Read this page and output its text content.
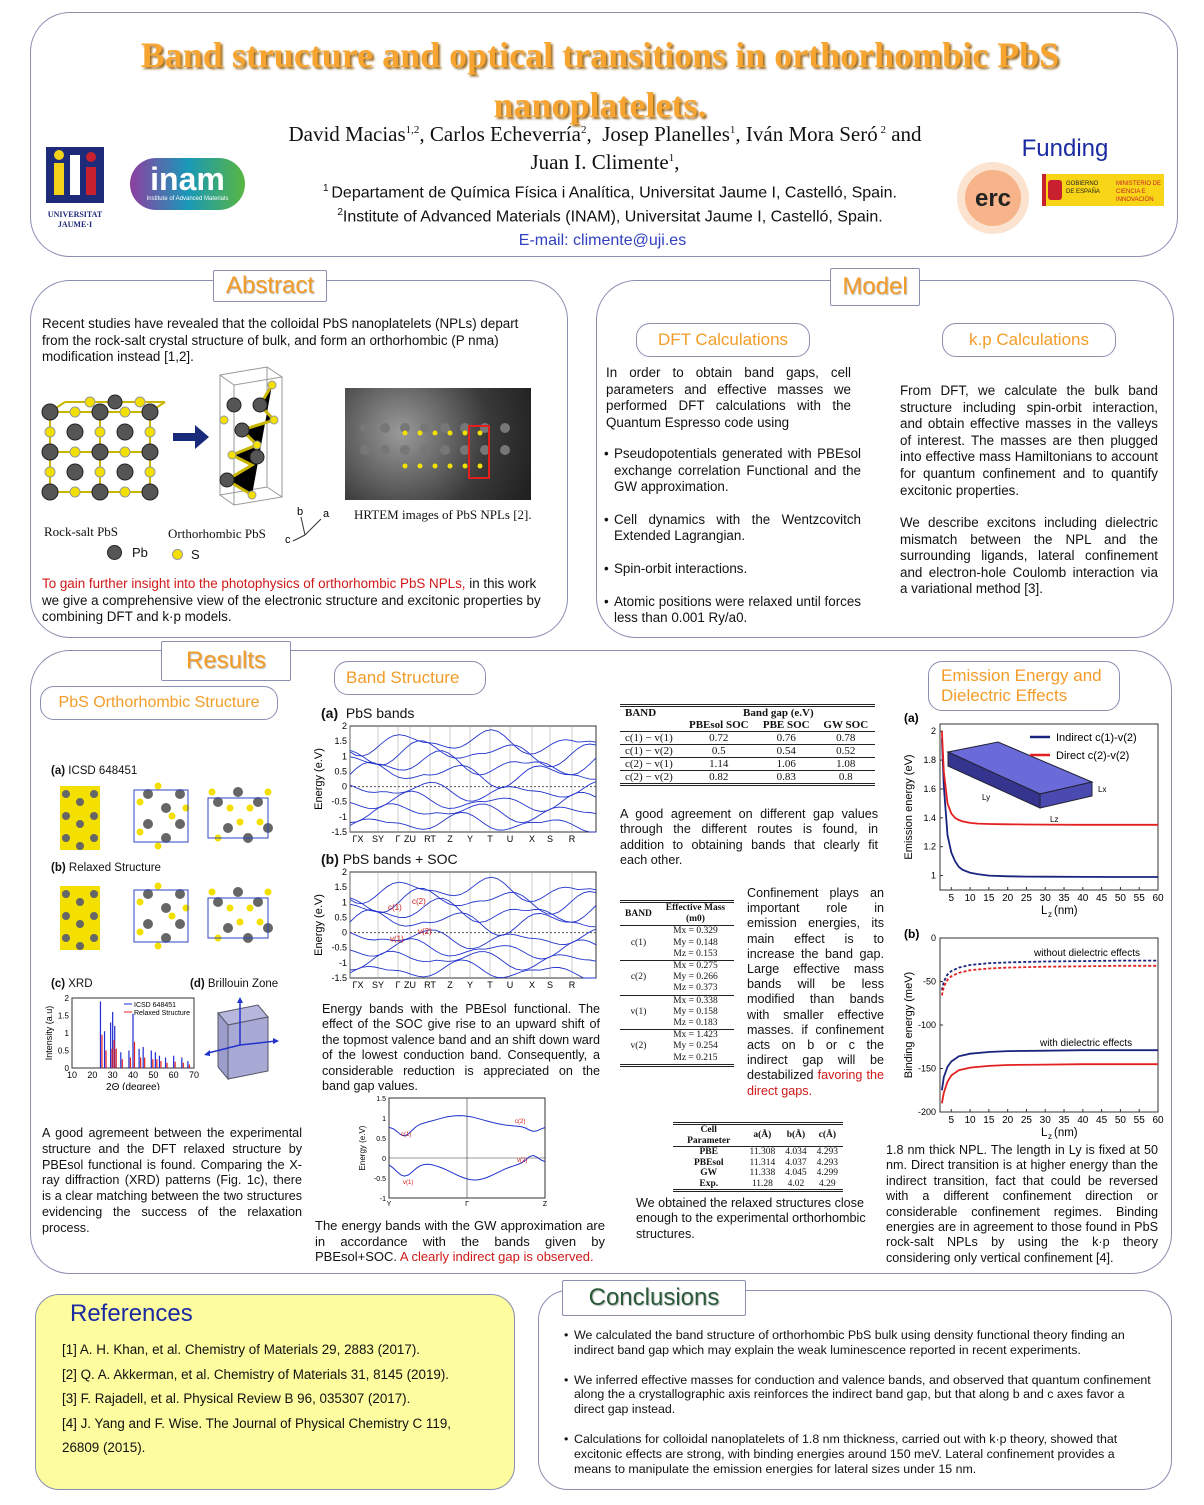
Band structure and optical transitions in orthorhombic PbS nanoplatelets.
David Macias$^{1,2}$, Carlos Echeverría$^2$,  Josep Planelles$^1$, Iván Mora Seró $^2$ and
Juan I. Climente$^1$,
$^1$ Departament de Química Física i Analítica, Universitat Jaume I, Castelló, Spain.
$^2$Institute of Advanced Materials (INAM), Universitat Jaume I, Castelló, Spain.
E-mail: climente@uji.es
UNIVERSITAT JAUME·I
inam
Institute of Advanced Materials
Funding
erc
GOBIERNO DE ESPAÑA
MINISTERIO DE CIENCIA E INNOVACIÓN
Abstract
Recent studies have revealed that the colloidal PbS nanoplatelets (NPLs) depart from the rock-salt crystal structure of bulk, and form an orthorhombic (P nma) modification instead [1,2].
a
b
c
Rock-salt PbS	Orthorhombic PbS
Pb	S
HRTEM images of PbS NPLs [2].
To gain further insight into the photophysics of orthorhombic PbS NPLs, in this work we give a comprehensive view of the electronic structure and excitonic properties by combining DFT and k·p models.
Model
DFT Calculations	k.p Calculations
In order to obtain band gaps, cell parameters and effective masses we performed DFT calculations with the Quantum Espresso code using
• Pseudopotentials generated with PBEsol exchange correlation Functional and the GW approximation.
• Cell dynamics with the Wentzcovitch Extended Lagrangian.
• Spin-orbit interactions.
• Atomic positions were relaxed until forces less than 0.001 Ry/a0.
From DFT, we calculate the bulk band structure including spin-orbit interaction, and obtain effective masses in the valleys of interest. The masses are then plugged into effective mass Hamiltonians to account for quantum confinement and to quantify excitonic properties.
We describe excitons including dielectric mismatch between the NPL and the surrounding ligands, lateral confinement and electron-hole Coulomb interaction via a variational method [3].
Results
PbS Orthorhombic Structure
(a) ICSD 648451
(b) Relaxed Structure
(c) XRD	(d) Brillouin Zone
10 20 30 40 50 60 70
0
0.5
1
1.5
2
ICSD 648451
Relaxed Structure
2Θ (degree)
Intensity (a.u)
A good agremeent between the experimental structure and the DFT relaxed structure by PBEsol functional is found. Comparing the X-ray diffraction (XRD) patterns (Fig. 1c), there is a clear matching between the two structures evidencing the success of the relaxation process.
Band Structure
(a) PbS bands
2
1.5
1
0.5
0
-0.5
-1
-1.5
ΓX SY Γ ZU RT Z Y T U X S R
Energy (e.V)
(b) PbS bands + SOC
2
1.5
1
0.5
0
-0.5
-1
-1.5
ΓX SY Γ ZU RT Z Y T U X S R
Energy (e.V)	c(1)
c(2)
v(1)
v(2)
Energy bands with the PBEsol functional. The effect of the SOC give rise to an upward shift of the topmost valence band and an shift down ward of the lowest conduction band. Consequently, a considerable reduction is appreciated on the band gap values.
1.5
1
0.5
0
-0.5
-1
Y	Γ	Z
c(1)
c(2)
v(1)
v(2)
Energy (e.V)
The energy bands with the GW approximation are in accordance with the bands given by PBEsol+SOC. A clearly indirect gap is observed.
BAND	Band gap (e.V)		
	PBEsol SOC	PBE SOC	GW SOC
c(1) − v(1)	0.72	0.76	0.78
c(1) − v(2)	0.5	0.54	0.52
c(2) − v(1)	1.14	1.06	1.08
c(2) − v(2)	0.82	0.83	0.8
A good agreement on different gap values through the different routes is found, in addition to obtaining bands that clearly fit each other.
BAND	Effective Mass (m0)
c(1)	Mx = 0.329
My = 0.148
Mz = 0.153

c(2)	Mx = 0.275
My = 0.266
Mz = 0.373

v(1)	Mx = 0.338
My = 0.158
Mz = 0.183

v(2)	Mx = 1.423
My = 0.254
Mz = 0.215
Confinement plays an important role in emission energies, its main effect is to increase the band gap. Large effective mass bands will be less modified than bands with smaller effective masses. if confinement acts on b or c the indirect gap will be destabilized favoring the direct gaps.
Cell Parameter	a(Å)	b(Å)	c(Å)
PBE	11.308	4.034	4.293
PBEsol	11.314	4.037	4.293
GW	11.338	4.045	4.299
Exp.	11.28	4.02	4.29
We obtained the relaxed structures close enough to the experimental orthorhombic structures.
Emission Energy and Dielectric Effects
5 10 15 20 25 30 35 40 45 50 55 60
1
1.2
1.4
1.6
1.8
2
L z (nm)
Emission energy (eV)
(a)
Ly
Lz
Lx
Indirect c(1)-v(2)
Direct c(2)-v(2)
5 10 15 20 25 30 35 40 45 50 55 60
0
-50
-100
-150
-200
L z (nm)
Binding energy (meV)
(b)
without dielectric effects
with dielectric effects
1.8 nm thick NPL. The length in Ly is fixed at 50 nm. Direct transition is at higher energy than the indirect transition, fact that could be reversed with a different confinement direction or considerable confinement regimes. Binding energies are in agreement to those found in PbS rock-salt NPLs by using the k·p theory considering only vertical confinement [4].
References
[1] A. H. Khan, et al. Chemistry of Materials 29, 2883 (2017).
[2] Q. A. Akkerman, et al. Chemistry of Materials 31, 8145 (2019).
[3] F. Rajadell, et al. Physical Review B 96, 035307 (2017).
[4] J. Yang and F. Wise. The Journal of Physical Chemistry C 119,
26809 (2015).
Conclusions
• We calculated the band structure of orthorhombic PbS bulk using density functional theory finding an indirect band gap which may explain the weak luminescence reported in recent experiments.
• We inferred effective masses for conduction and valence bands, and observed that quantum confinement along the a crystallographic axis reinforces the indirect band gap, but that along b and c axes favor a direct gap instead.
• Calculations for colloidal nanoplatelets of 1.8 nm thickness, carried out with k·p theory, showed that excitonic effects are strong, with binding energies around 150 meV. Lateral confinement provides a means to manipulate the emission energies for lateral sizes under 15 nm.
